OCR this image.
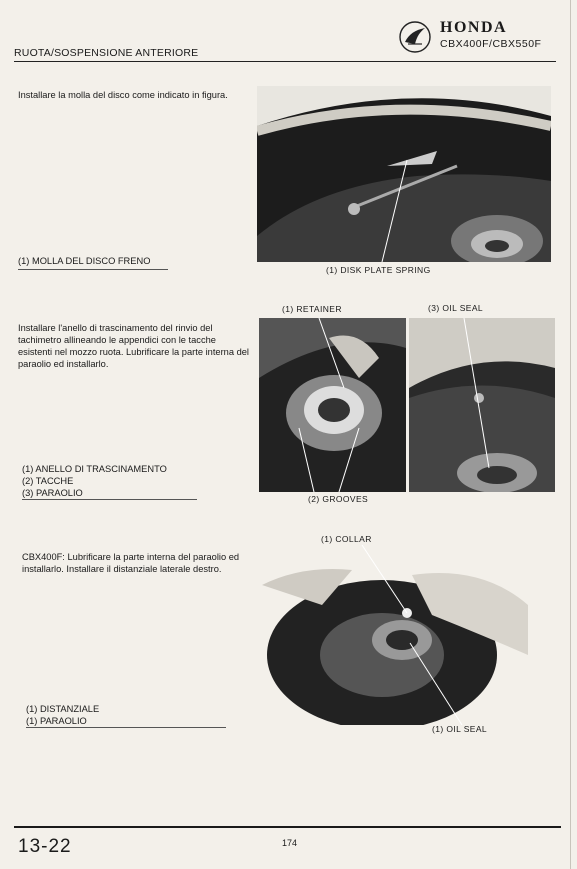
RUOTA/SOSPENSIONE ANTERIORE
HONDA
CBX400F/CBX550F
Installare la molla del disco come indicato in figura.
(1) MOLLA DEL DISCO FRENO
(1) DISK PLATE SPRING
Installare l'anello di trascinamento del rinvio del tachimetro allineando le appendici con le tacche esistenti nel mozzo ruota. Lubrificare la parte interna del paraolio ed installarlo.
(1) ANELLO DI TRASCINAMENTO
(2) TACCHE
(3) PARAOLIO
(1) RETAINER	(3) OIL SEAL
(2) GROOVES
CBX400F: Lubrificare la parte interna del paraolio ed installarlo. Installare il distanziale laterale destro.
(1) DISTANZIALE
(1) PARAOLIO
(1) COLLAR
(1) OIL SEAL
13-22	174
